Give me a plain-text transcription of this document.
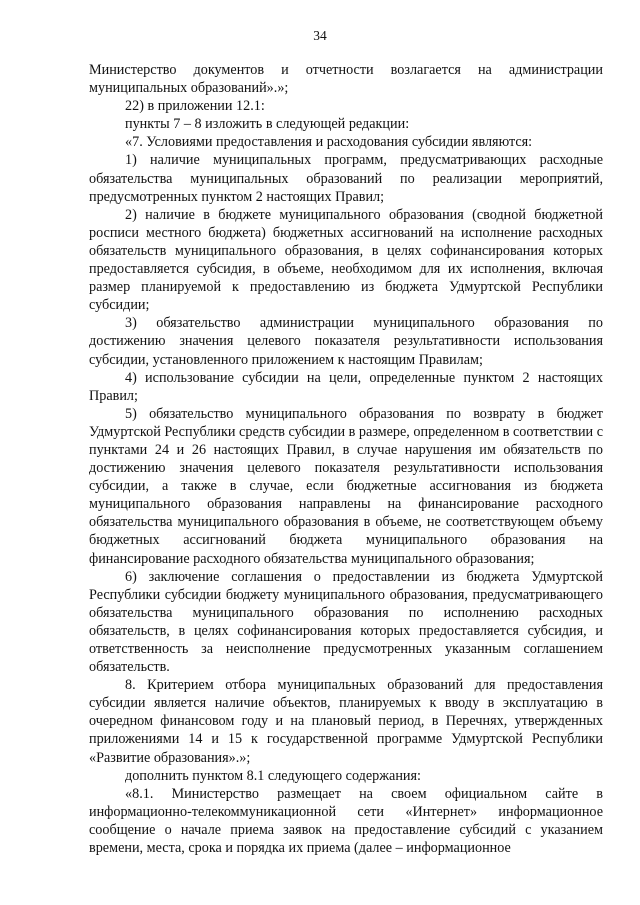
34

Министерство документов и отчетности возлагается на администрации муниципальных образований».»;

22) в приложении 12.1:

пункты 7 – 8 изложить в следующей редакции:

«7. Условиями предоставления и расходования субсидии являются:

1) наличие муниципальных программ, предусматривающих расходные обязательства муниципальных образований по реализации мероприятий, предусмотренных пунктом 2 настоящих Правил;

2) наличие в бюджете муниципального образования (сводной бюджетной росписи местного бюджета) бюджетных ассигнований на исполнение расходных обязательств муниципального образования, в целях софинансирования которых предоставляется субсидия, в объеме, необходимом для их исполнения, включая размер планируемой к предоставлению из бюджета Удмуртской Республики субсидии;

3) обязательство администрации муниципального образования по достижению значения целевого показателя результативности использования субсидии, установленного приложением к настоящим Правилам;

4) использование субсидии на цели, определенные пунктом 2 настоящих Правил;

5) обязательство муниципального образования по возврату в бюджет Удмуртской Республики средств субсидии в размере, определенном в соответствии с пунктами 24 и 26 настоящих Правил, в случае нарушения им обязательств по достижению значения целевого показателя результативности использования субсидии, а также в случае, если бюджетные ассигнования из бюджета муниципального образования направлены на финансирование расходного обязательства муниципального образования в объеме, не соответствующем объему бюджетных ассигнований бюджета муниципального образования на финансирование расходного обязательства муниципального образования;

6) заключение соглашения о предоставлении из бюджета Удмуртской Республики субсидии бюджету муниципального образования, предусматривающего обязательства муниципального образования по исполнению расходных обязательств, в целях софинансирования которых предоставляется субсидия, и ответственность за неисполнение предусмотренных указанным соглашением обязательств.

8. Критерием отбора муниципальных образований для предоставления субсидии является наличие объектов, планируемых к вводу в эксплуатацию в очередном финансовом году и на плановый период, в Перечнях, утвержденных приложениями 14 и 15 к государственной программе Удмуртской Республики «Развитие образования».»;

дополнить пунктом 8.1 следующего содержания:

«8.1. Министерство размещает на своем официальном сайте в информационно-телекоммуникационной сети «Интернет» информационное сообщение о начале приема заявок на предоставление субсидий с указанием времени, места, срока и порядка их приема (далее – информационное
